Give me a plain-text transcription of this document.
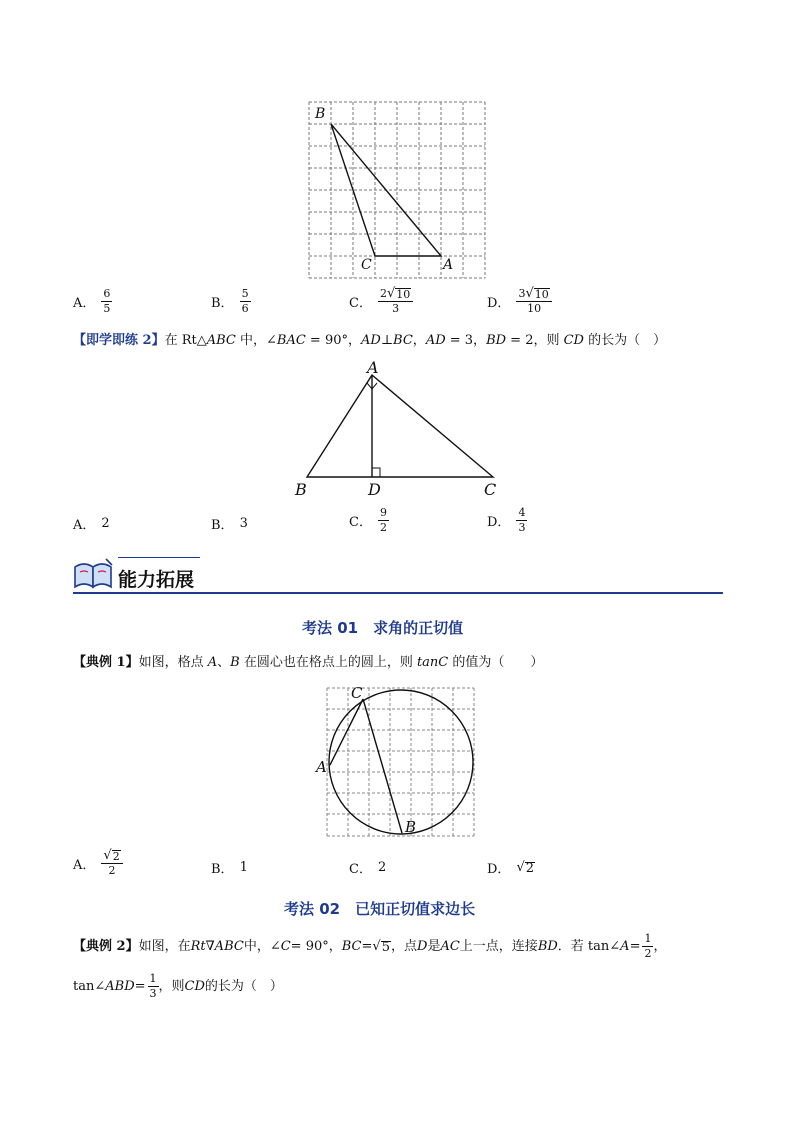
B
C	A
A． $\frac{6}{5}$	B． $\frac{5}{6}$	C． $\frac{2 √ 10}{3}$	D． $\frac{3 √ 10}{10}$
【即学即练 2】在 Rt△ABC 中，∠BAC = 90°，AD⊥BC，AD = 3，BD = 2，则 CD 的长为（　）
A
B	D	C
A． 2	B． 3	C． $\frac{9}{2}$	D． $\frac{4}{3}$
能力拓展
考法 01　求角的正切值
【典例 1】如图，格点 A、B 在圆心也在格点上的圆上，则 tanC 的值为（　　）
C
A
B
A． $\frac{√ 2}{2}$	B． 1	C． 2	D． √ 2
考法 02　已知正切值求边长
【典例 2】 如图，在 Rt∇ABC 中，∠ C = 90°， BC = √ 5 ，点 D 是 AC 上一点，连接 BD ．若 tan∠ $A = \frac{1}{2}$ ，
tan∠ ABD = $\frac{1}{3}$ ，则 CD 的长为（　）
